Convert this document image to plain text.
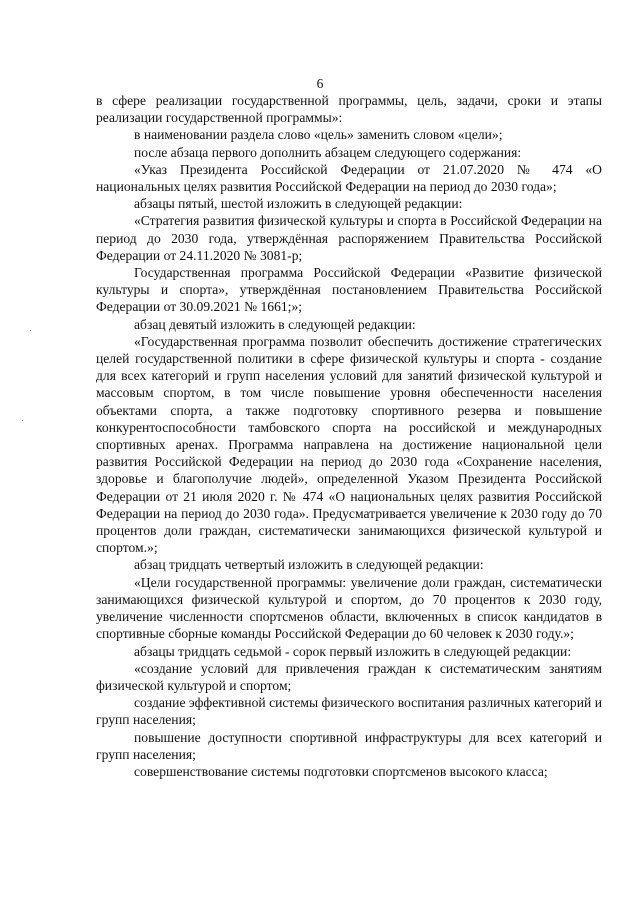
6

в сфере реализации государственной программы, цель, задачи, сроки и этапы реализации государственной программы»:

в наименовании раздела слово «цель» заменить словом «цели»;

после абзаца первого дополнить абзацем следующего содержания:

«Указ Президента Российской Федерации от 21.07.2020 № 474 «О национальных целях развития Российской Федерации на период до 2030 года»;

абзацы пятый, шестой изложить в следующей редакции:

«Стратегия развития физической культуры и спорта в Российской Федерации на период до 2030 года, утверждённая распоряжением Правительства Российской Федерации от 24.11.2020 № 3081-р;

Государственная программа Российской Федерации «Развитие физической культуры и спорта», утверждённая постановлением Правительства Российской Федерации от 30.09.2021 № 1661;»;

абзац девятый изложить в следующей редакции:

«Государственная программа позволит обеспечить достижение стратегических целей государственной политики в сфере физической культуры и спорта - создание для всех категорий и групп населения условий для занятий физической культурой и массовым спортом, в том числе повышение уровня обеспеченности населения объектами спорта, а также подготовку спортивного резерва и повышение конкурентоспособности тамбовского спорта на российской и международных спортивных аренах. Программа направлена на достижение национальной цели развития Российской Федерации на период до 2030 года «Сохранение населения, здоровье и благополучие людей», определенной Указом Президента Российской Федерации от 21 июля 2020 г. № 474 «О национальных целях развития Российской Федерации на период до 2030 года». Предусматривается увеличение к 2030 году до 70 процентов доли граждан, систематически занимающихся физической культурой и спортом.»;

абзац тридцать четвертый изложить в следующей редакции:

«Цели государственной программы: увеличение доли граждан, систематически занимающихся физической культурой и спортом, до 70 процентов к 2030 году, увеличение численности спортсменов области, включенных в список кандидатов в спортивные сборные команды Российской Федерации до 60 человек к 2030 году.»;

абзацы тридцать седьмой - сорок первый изложить в следующей редакции:

«создание условий для привлечения граждан к систематическим занятиям физической культурой и спортом;

создание эффективной системы физического воспитания различных категорий и групп населения;

повышение доступности спортивной инфраструктуры для всех категорий и групп населения;

совершенствование системы подготовки спортсменов высокого класса;
